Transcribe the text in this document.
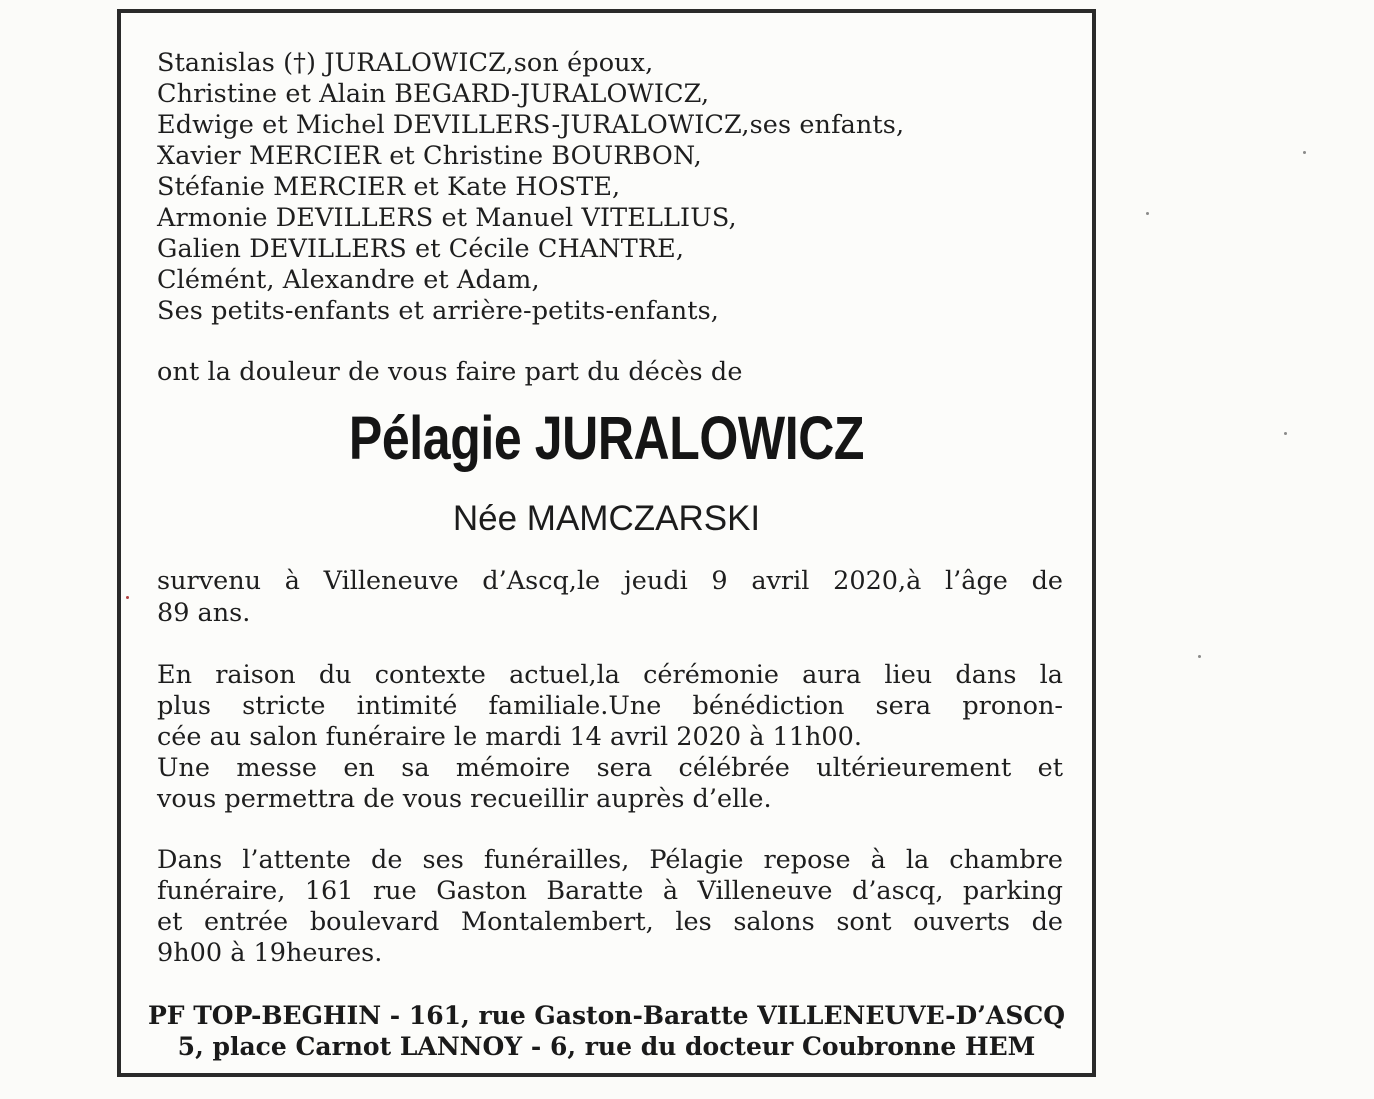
Stanislas (†) JURALOWICZ,son époux,
Christine et Alain BEGARD-JURALOWICZ,
Edwige et Michel DEVILLERS-JURALOWICZ,ses enfants,
Xavier MERCIER et Christine BOURBON,
Stéfanie MERCIER et Kate HOSTE,
Armonie DEVILLERS et Manuel VITELLIUS,
Galien DEVILLERS et Cécile CHANTRE,
Clémént, Alexandre et Adam,
Ses petits-enfants et arrière-petits-enfants,
ont la douleur de vous faire part du décès de
Pélagie JURALOWICZ
Née MAMCZARSKI
survenu à Villeneuve d’Ascq,le jeudi 9 avril 2020,à l’âge de
89 ans.
En raison du contexte actuel,la cérémonie aura lieu dans la
plus stricte intimité familiale.Une bénédiction sera pronon-
cée au salon funéraire le mardi 14 avril 2020 à 11h00.
Une messe en sa mémoire sera célébrée ultérieurement et
vous permettra de vous recueillir auprès d’elle.
Dans l’attente de ses funérailles, Pélagie repose à la chambre
funéraire, 161 rue Gaston Baratte à Villeneuve d’ascq, parking
et entrée boulevard Montalembert, les salons sont ouverts de
9h00 à 19heures.
PF TOP-BEGHIN - 161, rue Gaston-Baratte VILLENEUVE-D’ASCQ
5, place Carnot LANNOY - 6, rue du docteur Coubronne HEM
